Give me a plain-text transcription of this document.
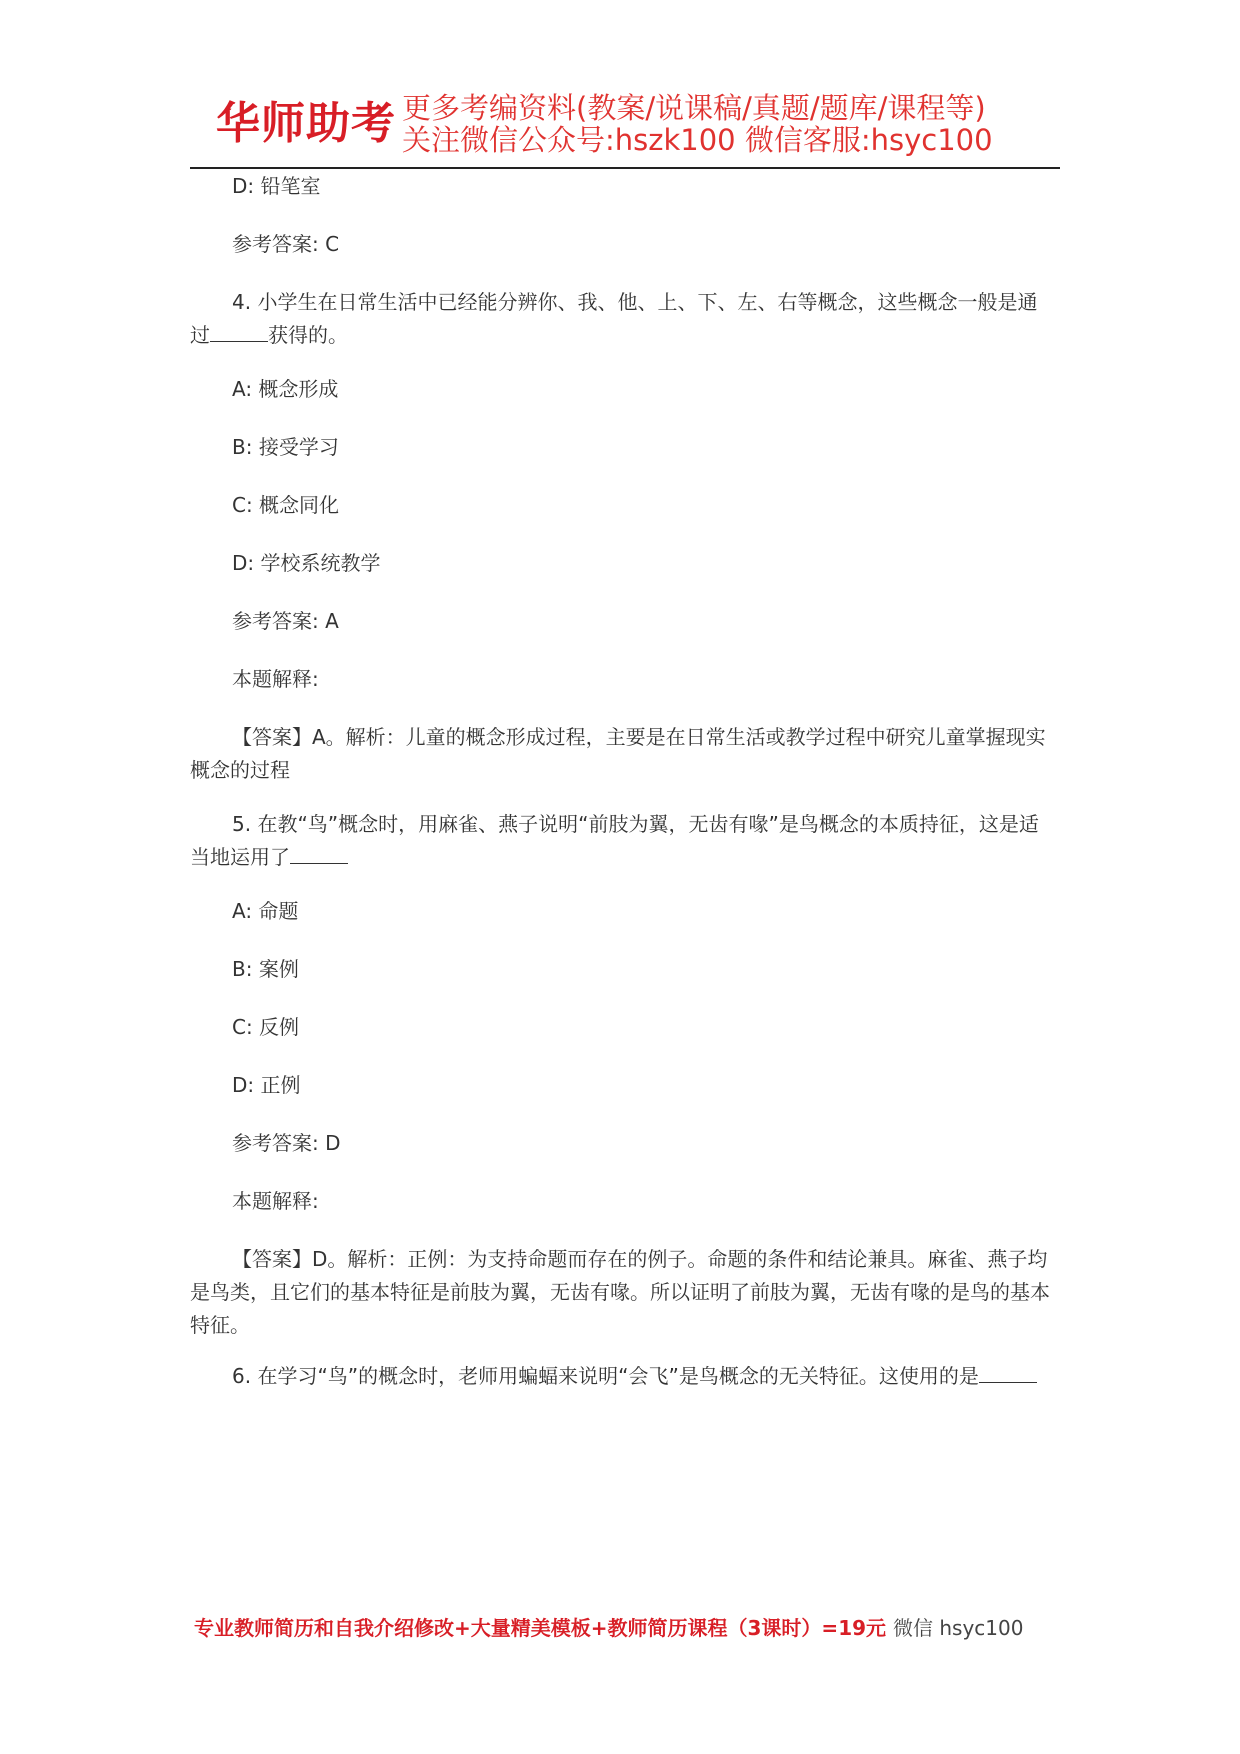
华师助考 更多考编资料(教案/说课稿/真题/题库/课程等)
关注微信公众号:hszk100 微信客服:hsyc100
D: 铅笔室
参考答案: C
4. 小学生在日常生活中已经能分辨你、我、他、上、下、左、右等概念，这些概念一般是通过	获得的。
A: 概念形成
B: 接受学习
C: 概念同化
D: 学校系统教学
参考答案: A
本题解释:
【答案】A。解析：儿童的概念形成过程，主要是在日常生活或教学过程中研究儿童掌握现实概念的过程
5. 在教“鸟”概念时，用麻雀、燕子说明“前肢为翼，无齿有喙”是鸟概念的本质持征，这是适当地运用了
A: 命题
B: 案例
C: 反例
D: 正例
参考答案: D
本题解释:
【答案】D。解析：正例：为支持命题而存在的例子。命题的条件和结论兼具。麻雀、燕子均是鸟类，且它们的基本特征是前肢为翼，无齿有喙。所以证明了前肢为翼，无齿有喙的是鸟的基本特征。
6. 在学习“鸟”的概念时，老师用蝙蝠来说明“会飞”是鸟概念的无关特征。这使用的是
专业教师简历和自我介绍修改+大量精美模板+教师简历课程（3课时）=19元 微信 hsyc100
